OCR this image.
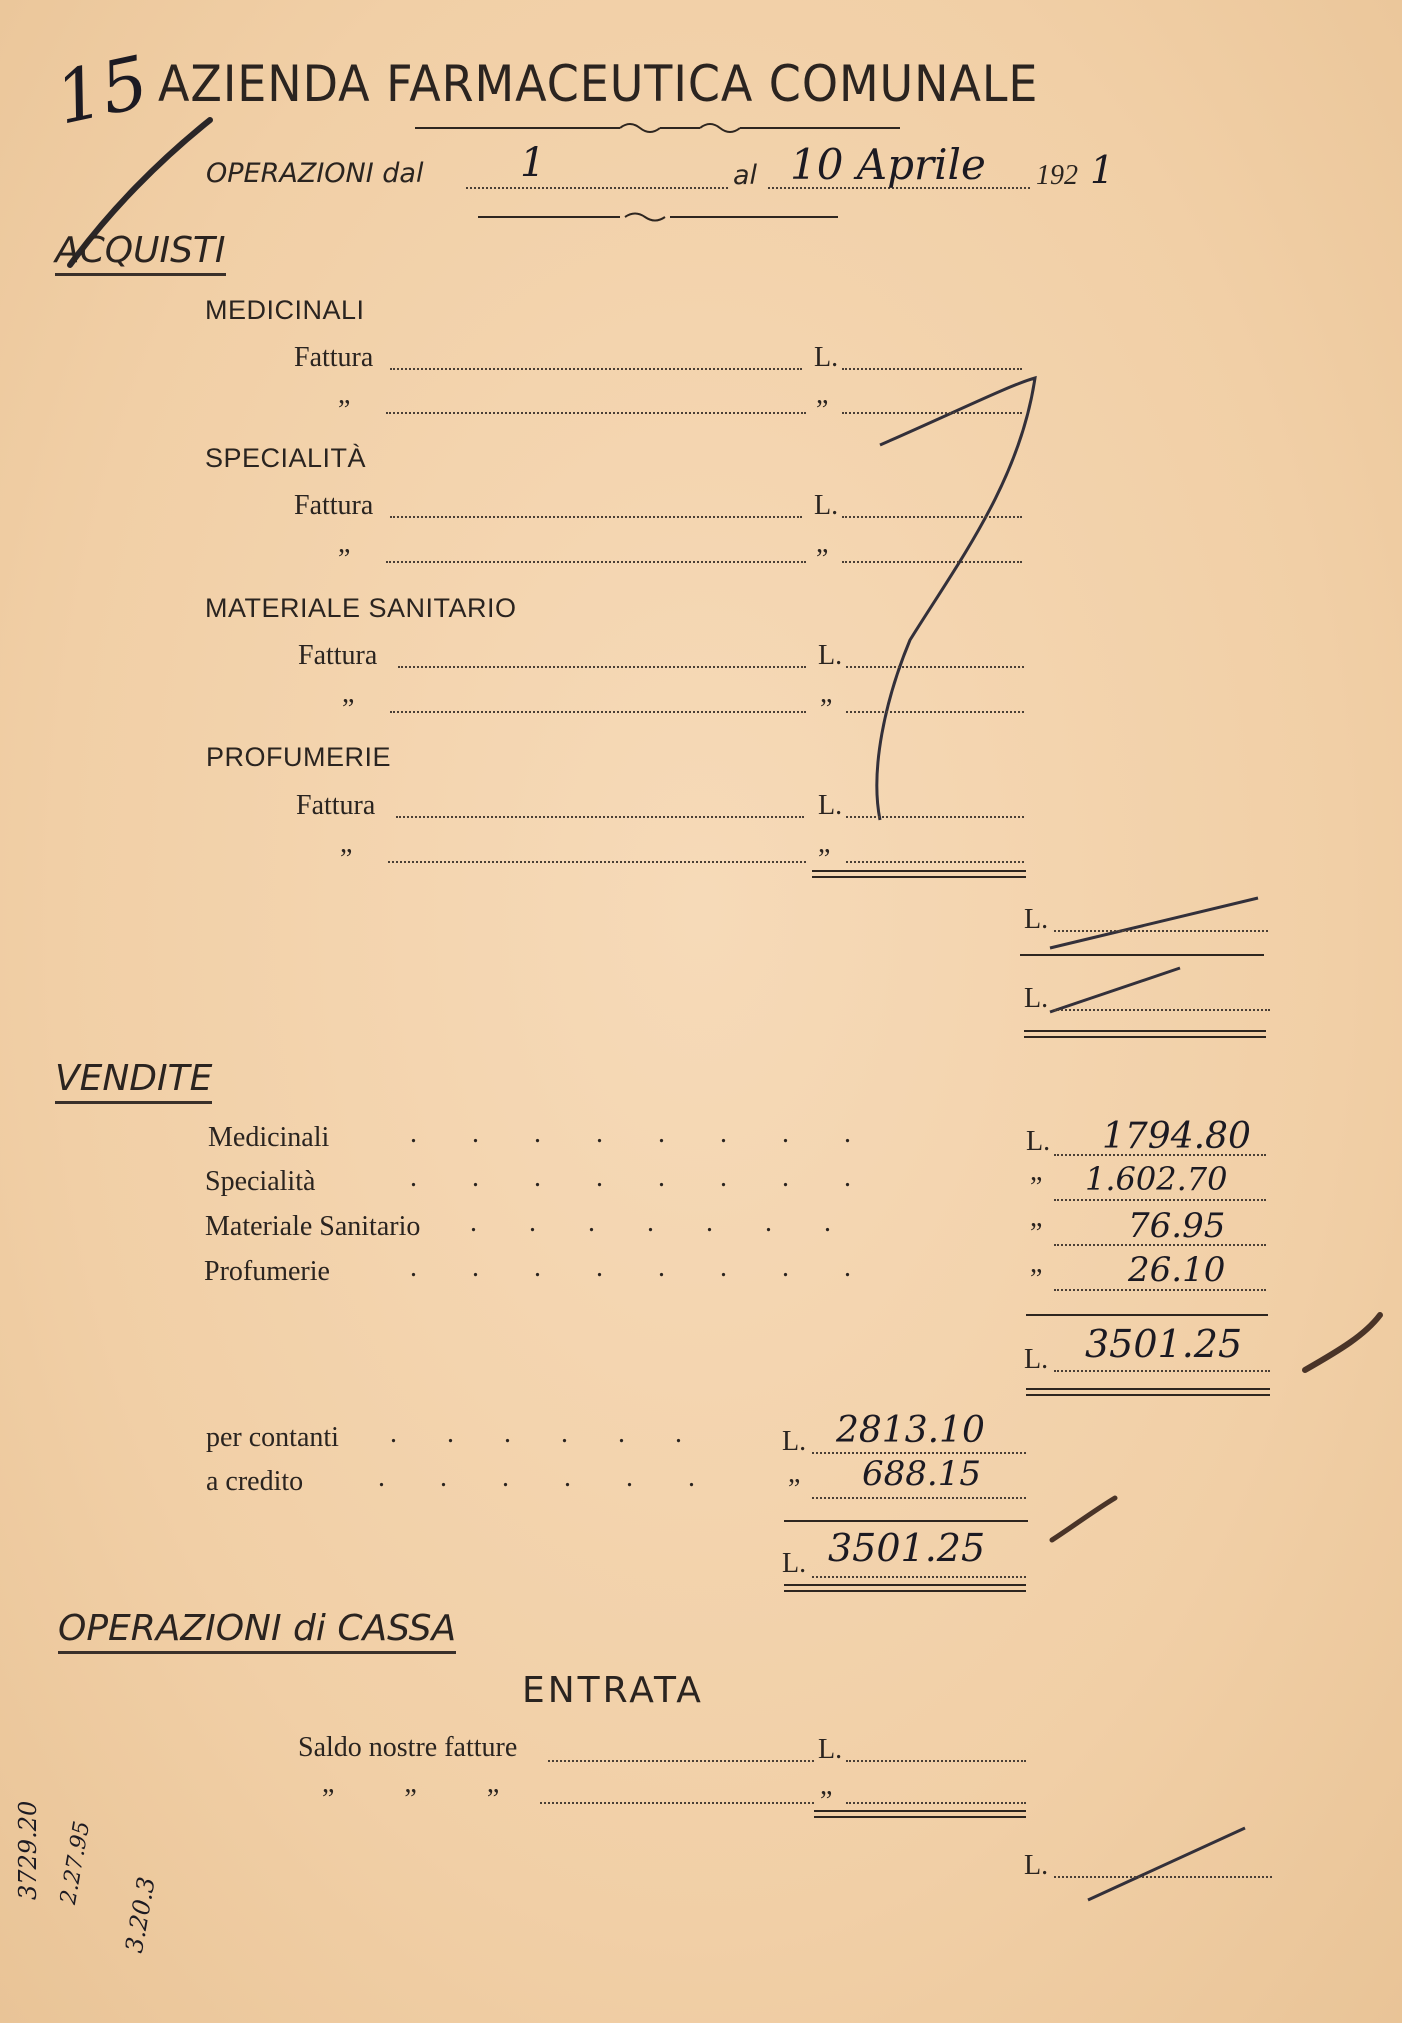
15 AZIENDA FARMACEUTICA COMUNALE
OPERAZIONI dal 1	al 10 Aprile 192 1
ACQUISTI
MEDICINALI
Fattura	L.
”	”
SPECIALITÀ
Fattura	L.
”	”
MATERIALE SANITARIO
Fattura	L.
”	”
PROFUMERIE
Fattura	L.
”	”
L.
L.
VENDITE
Medicinali	........	L. 1794.80
Specialità	........	” 1.602.70
Materiale Sanitario .......	”	76.95
Profumerie	........	”	26.10
L. 3501.25
per contanti ...... L. 2813.10
a credito	...... ” 688.15
L. 3501.25
OPERAZIONI di CASSA
ENTRATA
Saldo nostre fatture	L.
”          ”          ”	”
L.
3729.20 2.27.95
3.20.3
